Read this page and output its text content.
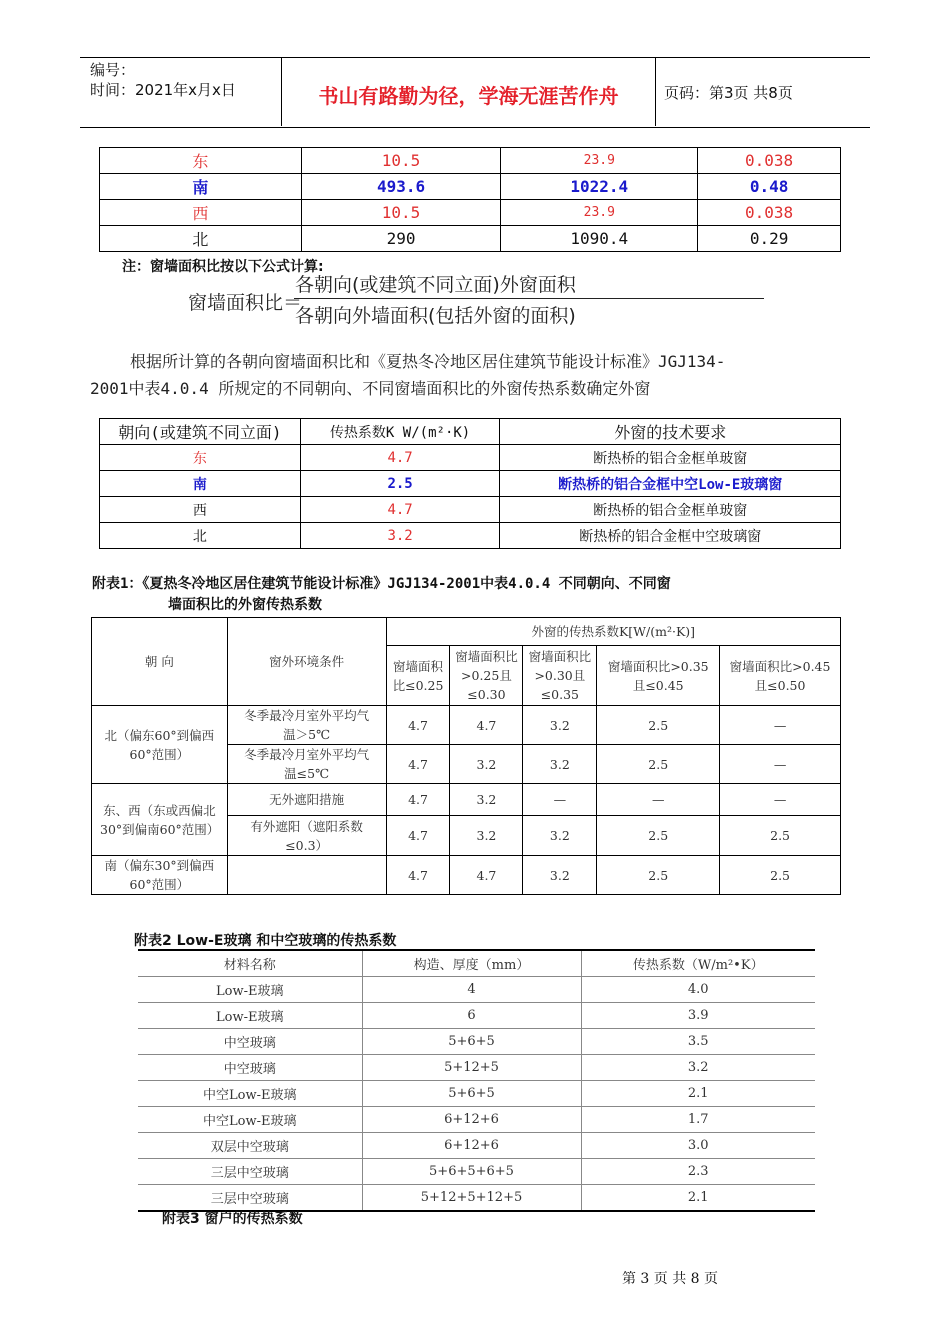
编号：
时间：2021年x月x日	书山有路勤为径，学海无涯苦作舟	页码：第3页 共8页
东	10.5	23.9	0.038
南	493.6	1022.4	0.48
西	10.5	23.9	0.038
北	290	1090.4	0.29
注：窗墙面积比按以下公式计算:
窗墙面积比＝
各朝向(或建筑不同立面)外窗面积
各朝向外墙面积(包括外窗的面积)
根据所计算的各朝向窗墙面积比和《夏热冬冷地区居住建筑节能设计标准》JGJ134-
2001中表4.0.4 所规定的不同朝向、不同窗墙面积比的外窗传热系数确定外窗
朝向(或建筑不同立面)	传热系数K W/(m²·K)	外窗的技术要求
东	4.7	断热桥的铝合金框单玻窗
南	2.5	断热桥的铝合金框中空Low-E玻璃窗
西	4.7	断热桥的铝合金框单玻窗
北	3.2	断热桥的铝合金框中空玻璃窗
附表1：《夏热冬冷地区居住建筑节能设计标准》JGJ134-2001中表4.0.4 不同朝向、不同窗
墙面积比的外窗传热系数
朝 向	窗外环境条件	外窗的传热系数K[W/(m²·K)]				
		窗墙面积比≤0.25	窗墙面积比>0.25且≤0.30	窗墙面积比>0.30且≤0.35	窗墙面积比>0.35且≤0.45	窗墙面积比>0.45且≤0.50
北（偏东60°到偏西60°范围）	冬季最冷月室外平均气温＞5℃	4.7	4.7	3.2	2.5	—
	冬季最冷月室外平均气温≤5℃	4.7	3.2	3.2	2.5	—
东、西（东或西偏北30°到偏南60°范围）	无外遮阳措施	4.7	3.2	—	—	—
	有外遮阳（遮阳系数≤0.3）	4.7	3.2	3.2	2.5	2.5
南（偏东30°到偏西60°范围）		4.7	4.7	3.2	2.5	2.5
附表2 Low-E玻璃 和中空玻璃的传热系数
材料名称	构造、厚度（mm）	传热系数（W/m²•K）
Low-E玻璃	4	4.0
Low-E玻璃	6	3.9
中空玻璃	5+6+5	3.5
中空玻璃	5+12+5	3.2
中空Low-E玻璃	5+6+5	2.1
中空Low-E玻璃	6+12+6	1.7
双层中空玻璃	6+12+6	3.0
三层中空玻璃	5+6+5+6+5	2.3
三层中空玻璃	5+12+5+12+5	2.1
附表3 窗户的传热系数
第 3 页 共 8 页
